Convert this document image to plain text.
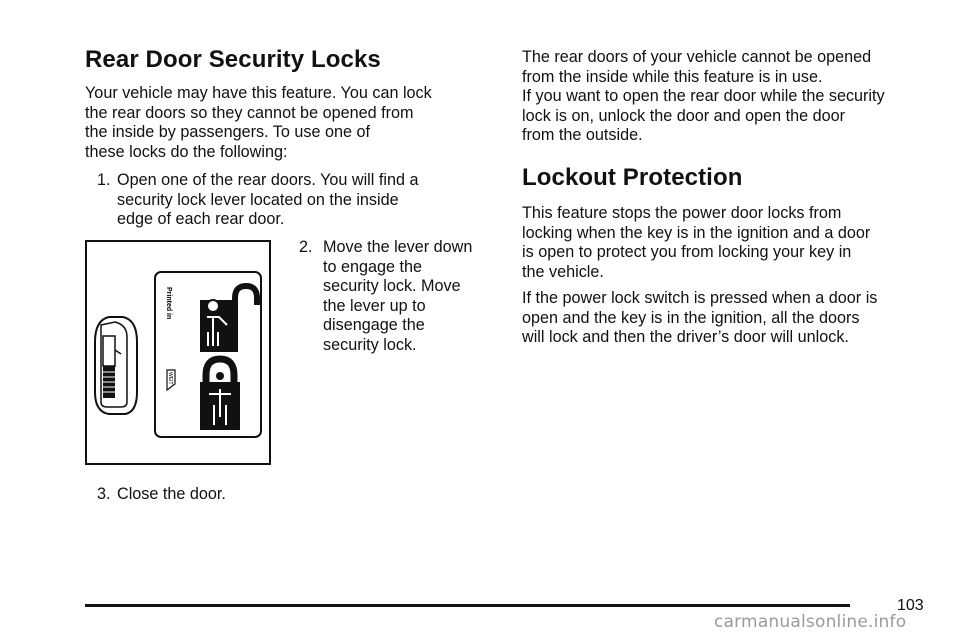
Rear Door Security Locks
Your vehicle may have this feature. You can lock
the rear doors so they cannot be opened from
the inside by passengers. To use one of
these locks do the following:
1. Open one of the rear doors. You will find a
security lock lever located on the inside
edge of each rear door.
2. Move the lever down
to engage the
security lock. Move
the lever up to
disengage the
security lock.
3. Close the door.
Printed in
WEIT
The rear doors of your vehicle cannot be opened
from the inside while this feature is in use.
If you want to open the rear door while the security
lock is on, unlock the door and open the door
from the outside.
Lockout Protection
This feature stops the power door locks from
locking when the key is in the ignition and a door
is open to protect you from locking your key in
the vehicle.
If the power lock switch is pressed when a door is
open and the key is in the ignition, all the doors
will lock and then the driver’s door will unlock.
103
carmanualsonline.info
